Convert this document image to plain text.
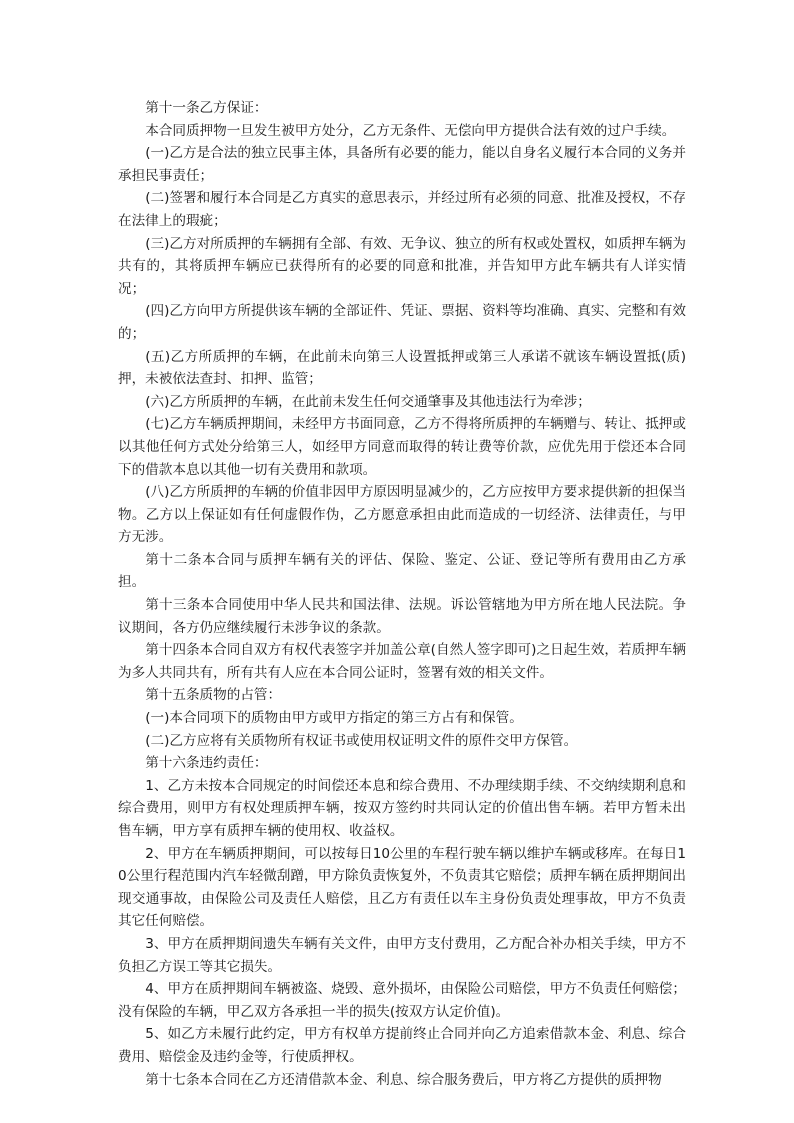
第十一条乙方保证：

本合同质押物一旦发生被甲方处分，乙方无条件、无偿向甲方提供合法有效的过户手续。

(一)乙方是合法的独立民事主体，具备所有必要的能力，能以自身名义履行本合同的义务并承担民事责任；

(二)签署和履行本合同是乙方真实的意思表示，并经过所有必须的同意、批准及授权，不存在法律上的瑕疵；

(三)乙方对所质押的车辆拥有全部、有效、无争议、独立的所有权或处置权，如质押车辆为共有的，其将质押车辆应已获得所有的必要的同意和批准，并告知甲方此车辆共有人详实情况；

(四)乙方向甲方所提供该车辆的全部证件、凭证、票据、资料等均准确、真实、完整和有效的；

(五)乙方所质押的车辆，在此前未向第三人设置抵押或第三人承诺不就该车辆设置抵(质)押，未被依法查封、扣押、监管；

(六)乙方所质押的车辆，在此前未发生任何交通肇事及其他违法行为牵涉；

(七)乙方车辆质押期间，未经甲方书面同意，乙方不得将所质押的车辆赠与、转让、抵押或以其他任何方式处分给第三人，如经甲方同意而取得的转让费等价款，应优先用于偿还本合同下的借款本息以其他一切有关费用和款项。

(八)乙方所质押的车辆的价值非因甲方原因明显减少的，乙方应按甲方要求提供新的担保当物。乙方以上保证如有任何虚假作伪，乙方愿意承担由此而造成的一切经济、法律责任，与甲方无涉。

第十二条本合同与质押车辆有关的评估、保险、鉴定、公证、登记等所有费用由乙方承担。

第十三条本合同使用中华人民共和国法律、法规。诉讼管辖地为甲方所在地人民法院。争议期间，各方仍应继续履行未涉争议的条款。

第十四条本合同自双方有权代表签字并加盖公章(自然人签字即可)之日起生效，若质押车辆为多人共同共有，所有共有人应在本合同公证时，签署有效的相关文件。

第十五条质物的占管：

(一)本合同项下的质物由甲方或甲方指定的第三方占有和保管。

(二)乙方应将有关质物所有权证书或使用权证明文件的原件交甲方保管。

第十六条违约责任：

1、乙方未按本合同规定的时间偿还本息和综合费用、不办理续期手续、不交纳续期利息和综合费用，则甲方有权处理质押车辆，按双方签约时共同认定的价值出售车辆。若甲方暂未出售车辆，甲方享有质押车辆的使用权、收益权。

2、甲方在车辆质押期间，可以按每日10公里的车程行驶车辆以维护车辆或移库。在每日10公里行程范围内汽车轻微刮蹭，甲方除负责恢复外，不负责其它赔偿；质押车辆在质押期间出现交通事故，由保险公司及责任人赔偿，且乙方有责任以车主身份负责处理事故，甲方不负责其它任何赔偿。

3、甲方在质押期间遗失车辆有关文件，由甲方支付费用，乙方配合补办相关手续，甲方不负担乙方误工等其它损失。

4、甲方在质押期间车辆被盗、烧毁、意外损坏，由保险公司赔偿，甲方不负责任何赔偿；没有保险的车辆，甲乙双方各承担一半的损失(按双方认定价值)。

5、如乙方未履行此约定，甲方有权单方提前终止合同并向乙方追索借款本金、利息、综合费用、赔偿金及违约金等，行使质押权。

第十七条本合同在乙方还清借款本金、利息、综合服务费后，甲方将乙方提供的质押物
